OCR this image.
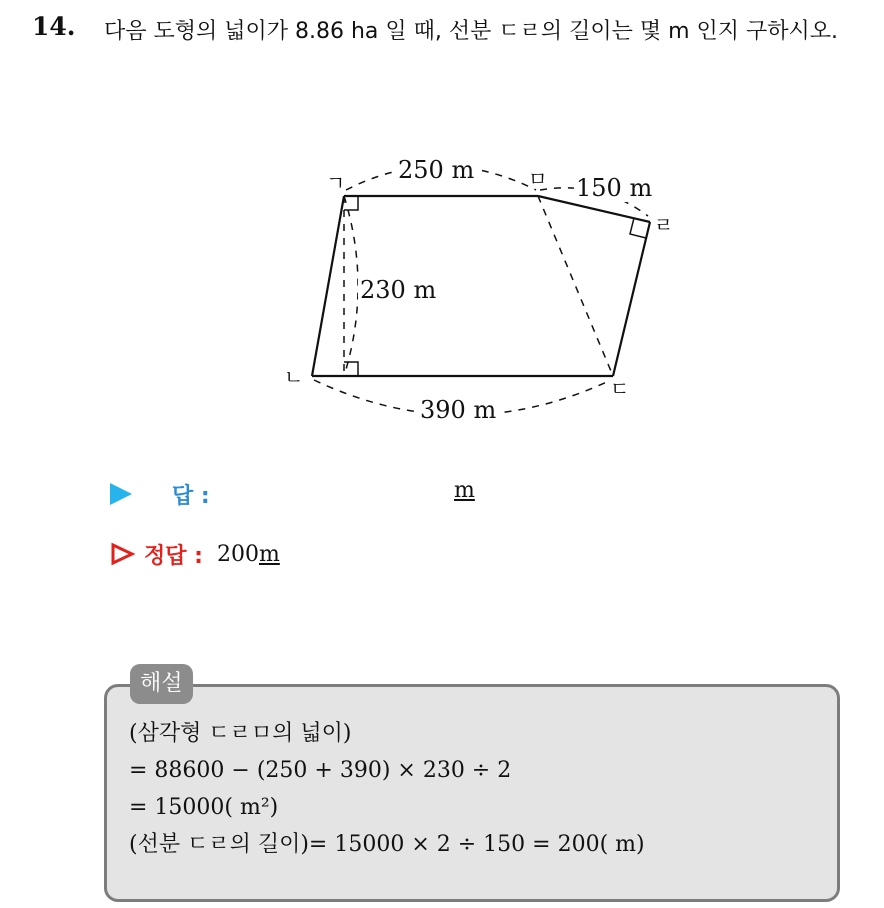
14. 다음 도형의 넓이가 8.86 ha 일 때, 선분 ㄷㄹ의 길이는 몇 m 인지 구하시오.
ㄱ	ㅁ
ㄹ
ㄷ
ㄴ
250 m
150 m
230 m
390 m
답 :	m
정답 : 200 m
(삼각형 ㄷㄹㅁ의 넓이)
= 88600 − (250 + 390) × 230 ÷ 2
= 15000( m²)
(선분 ㄷㄹ의 길이)= 15000 × 2 ÷ 150 = 200( m)
해설
